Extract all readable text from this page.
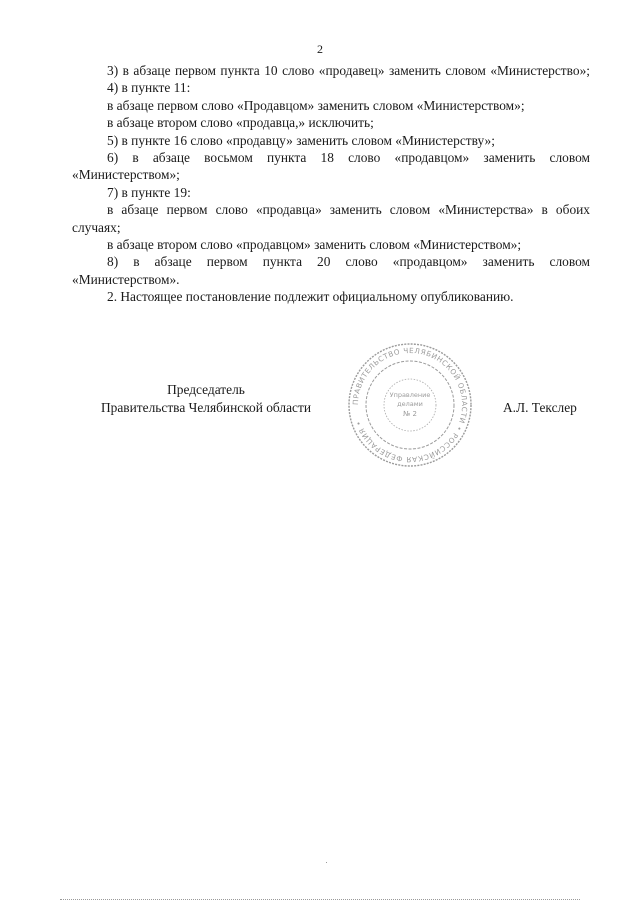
2

3) в абзаце первом пункта 10 слово «продавец» заменить словом «Министерство»;

4) в пункте 11:

в абзаце первом слово «Продавцом» заменить словом «Министерством»;

в абзаце втором слово «продавца,» исключить;

5) в пункте 16 слово «продавцу» заменить словом «Министерству»;

6) в абзаце восьмом пункта 18 слово «продавцом» заменить словом «Министерством»;

7) в пункте 19:

в абзаце первом слово «продавца» заменить словом «Министерства» в обоих случаях;

в абзаце втором слово «продавцом» заменить словом «Министерством»;

8) в абзаце первом пункта 20 слово «продавцом» заменить словом «Министерством».

2. Настоящее постановление подлежит официальному опубликованию.

Председатель
Правительства Челябинской области	ПРАВИТЕЛЬСТВО ЧЕЛЯБИНСКОЙ ОБЛАСТИ • РОССИЙСКАЯ ФЕДЕРАЦИЯ •
Управление
делами
№ 2	А.Л. Текслер
